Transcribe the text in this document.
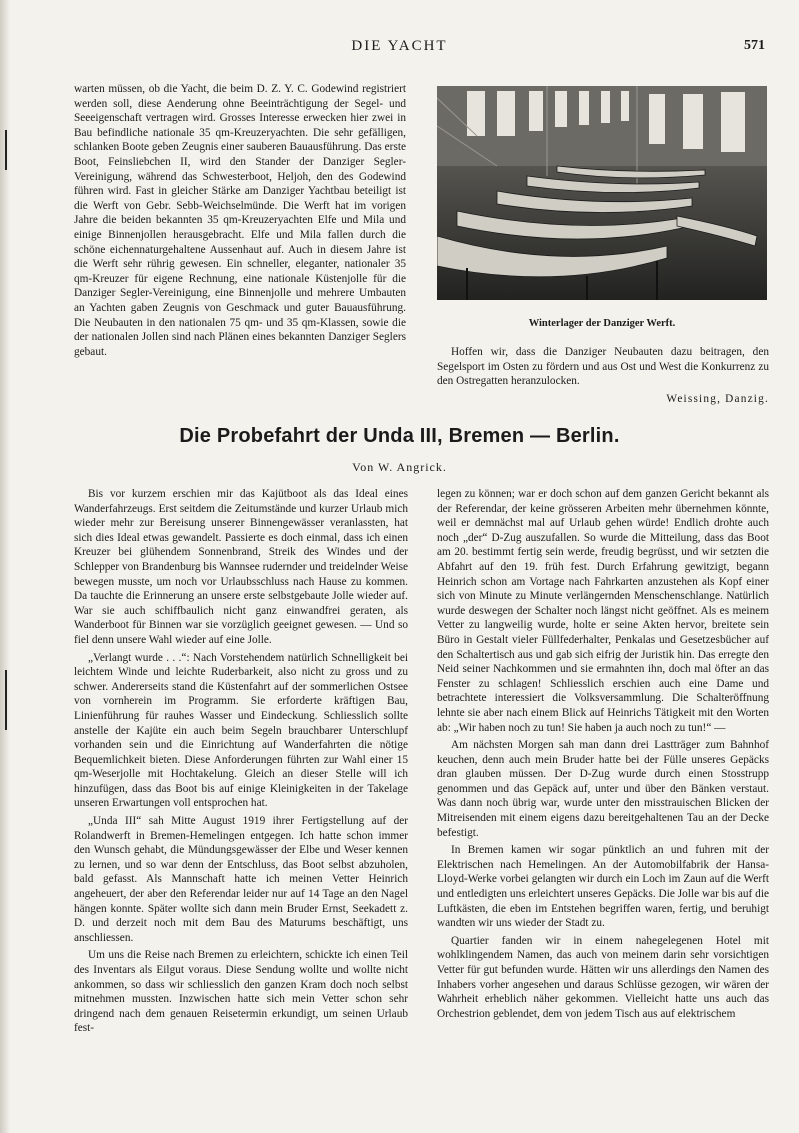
DIE YACHT	571

warten müssen, ob die Yacht, die beim D. Z. Y. C. Godewind registriert werden soll, diese Aenderung ohne Beeinträchtigung der Segel- und Seeeigenschaft vertragen wird. Grosses Interesse erwecken hier zwei in Bau befindliche nationale 35 qm-Kreuzeryachten. Die sehr gefälligen, schlanken Boote geben Zeugnis einer sauberen Bauausführung. Das erste Boot, Feinsliebchen II, wird den Stander der Danziger Segler-Vereinigung, während das Schwesterboot, Heljoh, den des Godewind führen wird. Fast in gleicher Stärke am Danziger Yachtbau beteiligt ist die Werft von Gebr. Sebb-Weichselmünde. Die Werft hat im vorigen Jahre die beiden bekannten 35 qm-Kreuzeryachten Elfe und Mila und einige Binnenjollen herausgebracht. Elfe und Mila fallen durch die schöne eichennaturgehaltene Aussenhaut auf. Auch in diesem Jahre ist die Werft sehr rührig gewesen. Ein schneller, eleganter, nationaler 35 qm-Kreuzer für eigene Rechnung, eine nationale Küstenjolle für die Danziger Segler-Vereinigung, eine Binnenjolle und mehrere Umbauten an Yachten gaben Zeugnis von Geschmack und guter Bauausführung. Die Neubauten in den nationalen 75 qm- und 35 qm-Klassen, sowie die der nationalen Jollen sind nach Plänen eines bekannten Danziger Seglers gebaut.

Winterlager der Danziger Werft.

Hoffen wir, dass die Danziger Neubauten dazu beitragen, den Segelsport im Osten zu fördern und aus Ost und West die Konkurrenz zu den Ostregatten heranzulocken.

Weissing, Danzig.

Die Probefahrt der Unda III, Bremen — Berlin.
Von W. Angrick.

Bis vor kurzem erschien mir das Kajütboot als das Ideal eines Wanderfahrzeugs. Erst seitdem die Zeitumstände und kurzer Urlaub mich wieder mehr zur Bereisung unserer Binnengewässer veranlassten, hat sich dies Ideal etwas gewandelt. Passierte es doch einmal, dass ich einen Kreuzer bei glühendem Sonnenbrand, Streik des Windes und der Schlepper von Brandenburg bis Wannsee rudernder und treidelnder Weise bewegen musste, um noch vor Urlaubsschluss nach Hause zu kommen. Da tauchte die Erinnerung an unsere erste selbstgebaute Jolle wieder auf. War sie auch schiffbaulich nicht ganz einwandfrei geraten, als Wanderboot für Binnen war sie vorzüglich geeignet gewesen. — Und so fiel denn unsere Wahl wieder auf eine Jolle.

„Verlangt wurde . . .“: Nach Vorstehendem natürlich Schnelligkeit bei leichtem Winde und leichte Ruderbarkeit, also nicht zu gross und zu schwer. Andererseits stand die Küstenfahrt auf der sommerlichen Ostsee von vornherein im Programm. Sie erforderte kräftigen Bau, Linienführung für rauhes Wasser und Eindeckung. Schliesslich sollte anstelle der Kajüte ein auch beim Segeln brauchbarer Unterschlupf vorhanden sein und die Einrichtung auf Wanderfahrten die nötige Bequemlichkeit bieten. Diese Anforderungen führten zur Wahl einer 15 qm-Weserjolle mit Hochtakelung. Gleich an dieser Stelle will ich hinzufügen, dass das Boot bis auf einige Kleinigkeiten in der Takelage unseren Erwartungen voll entsprochen hat.

„Unda III“ sah Mitte August 1919 ihrer Fertigstellung auf der Rolandwerft in Bremen-Hemelingen entgegen. Ich hatte schon immer den Wunsch gehabt, die Mündungsgewässer der Elbe und Weser kennen zu lernen, und so war denn der Entschluss, das Boot selbst abzuholen, bald gefasst. Als Mannschaft hatte ich meinen Vetter Heinrich angeheuert, der aber den Referendar leider nur auf 14 Tage an den Nagel hängen konnte. Später wollte sich dann mein Bruder Ernst, Seekadett z. D. und derzeit noch mit dem Bau des Maturums beschäftigt, uns anschliessen.

Um uns die Reise nach Bremen zu erleichtern, schickte ich einen Teil des Inventars als Eilgut voraus. Diese Sendung wollte und wollte nicht ankommen, so dass wir schliesslich den ganzen Kram doch noch selbst mitnehmen mussten. Inzwischen hatte sich mein Vetter schon sehr dringend nach dem genauen Reisetermin erkundigt, um seinen Urlaub fest-

legen zu können; war er doch schon auf dem ganzen Gericht bekannt als der Referendar, der keine grösseren Arbeiten mehr übernehmen könnte, weil er demnächst mal auf Urlaub gehen würde! Endlich drohte auch noch „der“ D-Zug auszufallen. So wurde die Mitteilung, dass das Boot am 20. bestimmt fertig sein werde, freudig begrüsst, und wir setzten die Abfahrt auf den 19. früh fest. Durch Erfahrung gewitzigt, begann Heinrich schon am Vortage nach Fahrkarten anzustehen als Kopf einer sich von Minute zu Minute verlängernden Menschenschlange. Natürlich wurde deswegen der Schalter noch längst nicht geöffnet. Als es meinem Vetter zu langweilig wurde, holte er seine Akten hervor, breitete sein Büro in Gestalt vieler Füllfederhalter, Penkalas und Gesetzesbücher auf den Schaltertisch aus und gab sich eifrig der Juristik hin. Das erregte den Neid seiner Nachkommen und sie ermahnten ihn, doch mal öfter an das Fenster zu schlagen! Schliesslich erschien auch eine Dame und betrachtete interessiert die Volksversammlung. Die Schalteröffnung lehnte sie aber nach einem Blick auf Heinrichs Tätigkeit mit den Worten ab: „Wir haben noch zu tun! Sie haben ja auch noch zu tun!“ —

Am nächsten Morgen sah man dann drei Lastträger zum Bahnhof keuchen, denn auch mein Bruder hatte bei der Fülle unseres Gepäcks dran glauben müssen. Der D-Zug wurde durch einen Stosstrupp genommen und das Gepäck auf, unter und über den Bänken verstaut. Was dann noch übrig war, wurde unter den misstrauischen Blicken der Mitreisenden mit einem eigens dazu bereitgehaltenen Tau an der Decke befestigt.

In Bremen kamen wir sogar pünktlich an und fuhren mit der Elektrischen nach Hemelingen. An der Automobilfabrik der Hansa-Lloyd-Werke vorbei gelangten wir durch ein Loch im Zaun auf die Werft und entledigten uns erleichtert unseres Gepäcks. Die Jolle war bis auf die Luftkästen, die eben im Entstehen begriffen waren, fertig, und beruhigt wandten wir uns wieder der Stadt zu.

Quartier fanden wir in einem nahegelegenen Hotel mit wohlklingendem Namen, das auch von meinem darin sehr vorsichtigen Vetter für gut befunden wurde. Hätten wir uns allerdings den Namen des Inhabers vorher angesehen und daraus Schlüsse gezogen, wir wären der Wahrheit erheblich näher gekommen. Vielleicht hatte uns auch das Orchestrion geblendet, dem von jedem Tisch aus auf elektrischem
